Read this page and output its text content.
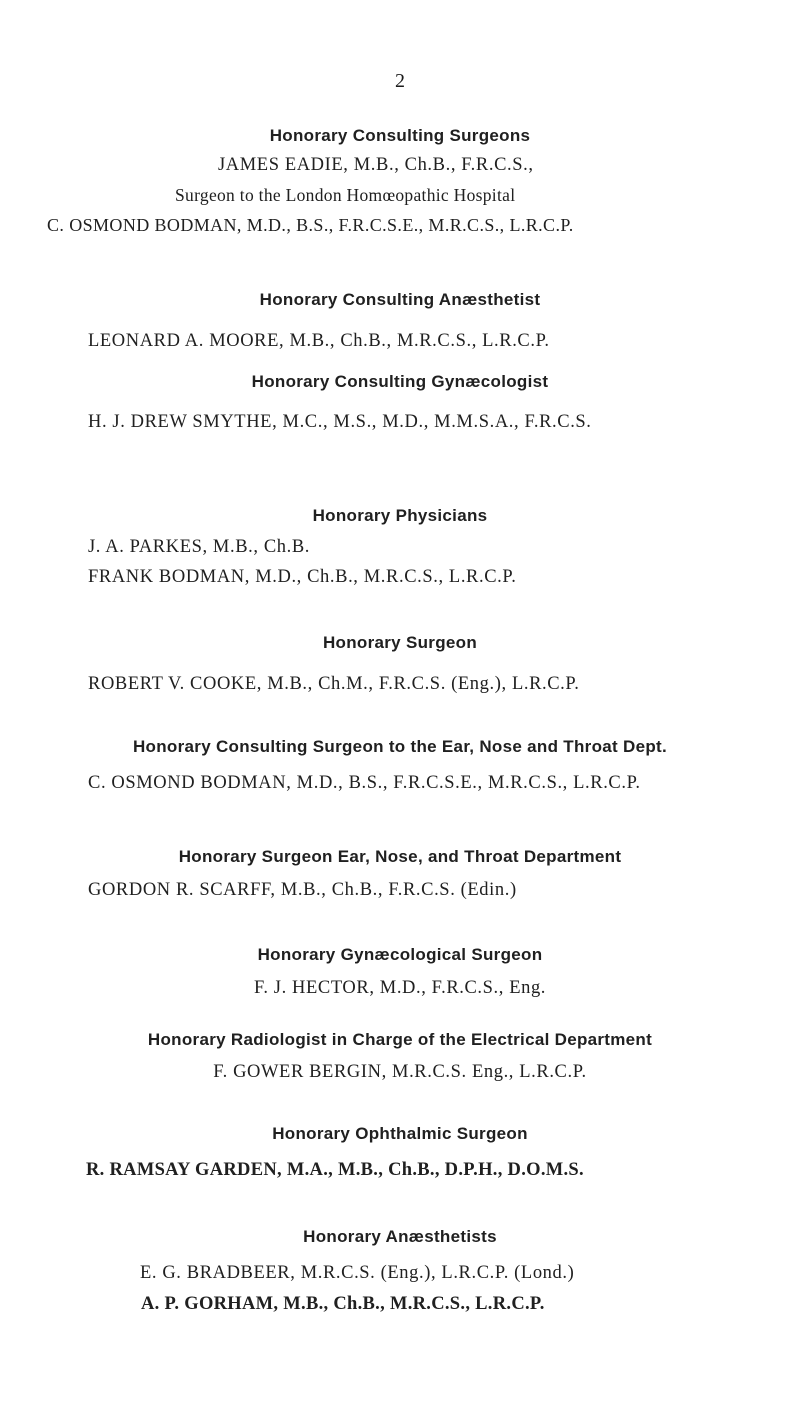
2
Honorary Consulting Surgeons
JAMES EADIE, M.B., Ch.B., F.R.C.S.,
Surgeon to the London Homœopathic Hospital
C. OSMOND BODMAN, M.D., B.S., F.R.C.S.E., M.R.C.S., L.R.C.P.
Honorary Consulting Anæsthetist
LEONARD A. MOORE, M.B., Ch.B., M.R.C.S., L.R.C.P.
Honorary Consulting Gynæcologist
H. J. DREW SMYTHE, M.C., M.S., M.D., M.M.S.A., F.R.C.S.
Honorary Physicians
J. A. PARKES, M.B., Ch.B.
FRANK BODMAN, M.D., Ch.B., M.R.C.S., L.R.C.P.
Honorary Surgeon
ROBERT V. COOKE, M.B., Ch.M., F.R.C.S. (Eng.), L.R.C.P.
Honorary Consulting Surgeon to the Ear, Nose and Throat Dept.
C. OSMOND BODMAN, M.D., B.S., F.R.C.S.E., M.R.C.S., L.R.C.P.
Honorary Surgeon Ear, Nose, and Throat Department
GORDON R. SCARFF, M.B., Ch.B., F.R.C.S. (Edin.)
Honorary Gynæcological Surgeon
F. J. HECTOR, M.D., F.R.C.S., Eng.
Honorary Radiologist in Charge of the Electrical Department
F. GOWER BERGIN, M.R.C.S. Eng., L.R.C.P.
Honorary Ophthalmic Surgeon
R. RAMSAY GARDEN, M.A., M.B., Ch.B., D.P.H., D.O.M.S.
Honorary Anæsthetists
E. G. BRADBEER, M.R.C.S. (Eng.), L.R.C.P. (Lond.)
A. P. GORHAM, M.B., Ch.B., M.R.C.S., L.R.C.P.
